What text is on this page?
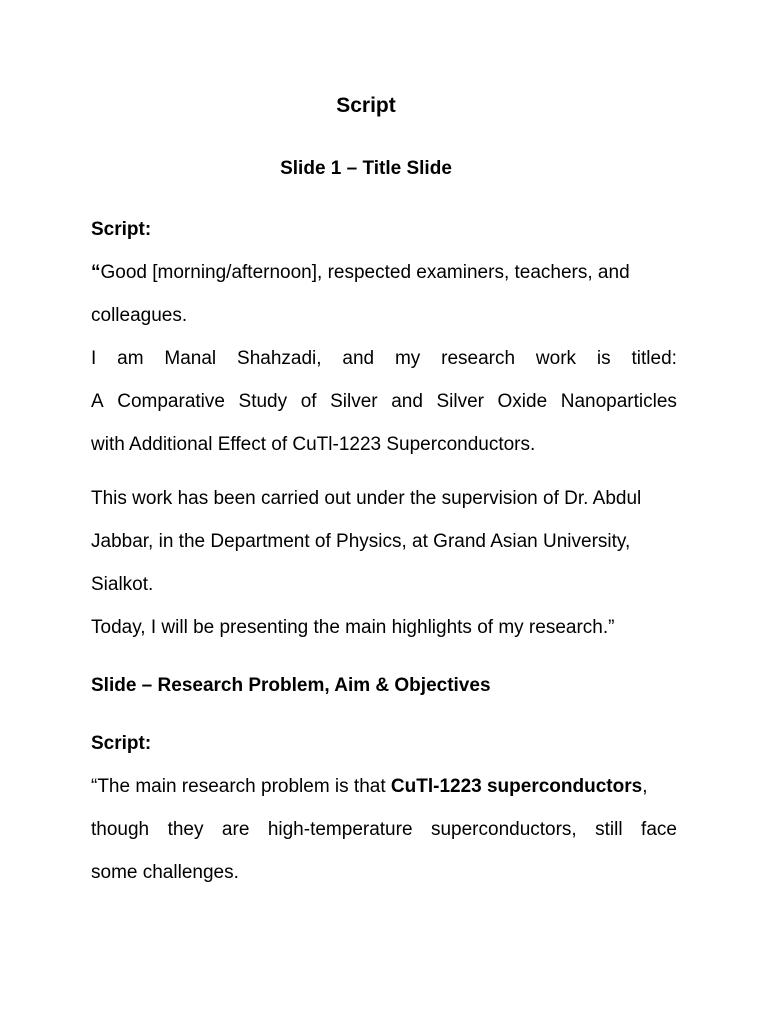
Script
Slide 1 – Title Slide
Script:
“Good [morning/afternoon], respected examiners, teachers, and
colleagues.
I am Manal Shahzadi, and my research work is titled:
A Comparative Study of Silver and Silver Oxide Nanoparticles
with Additional Effect of CuTl-1223 Superconductors.
This work has been carried out under the supervision of Dr. Abdul
Jabbar, in the Department of Physics, at Grand Asian University,
Sialkot.
Today, I will be presenting the main highlights of my research.”
Slide – Research Problem, Aim & Objectives
Script:
“The main research problem is that CuTl-1223 superconductors,
though they are high-temperature superconductors, still face
some challenges.
